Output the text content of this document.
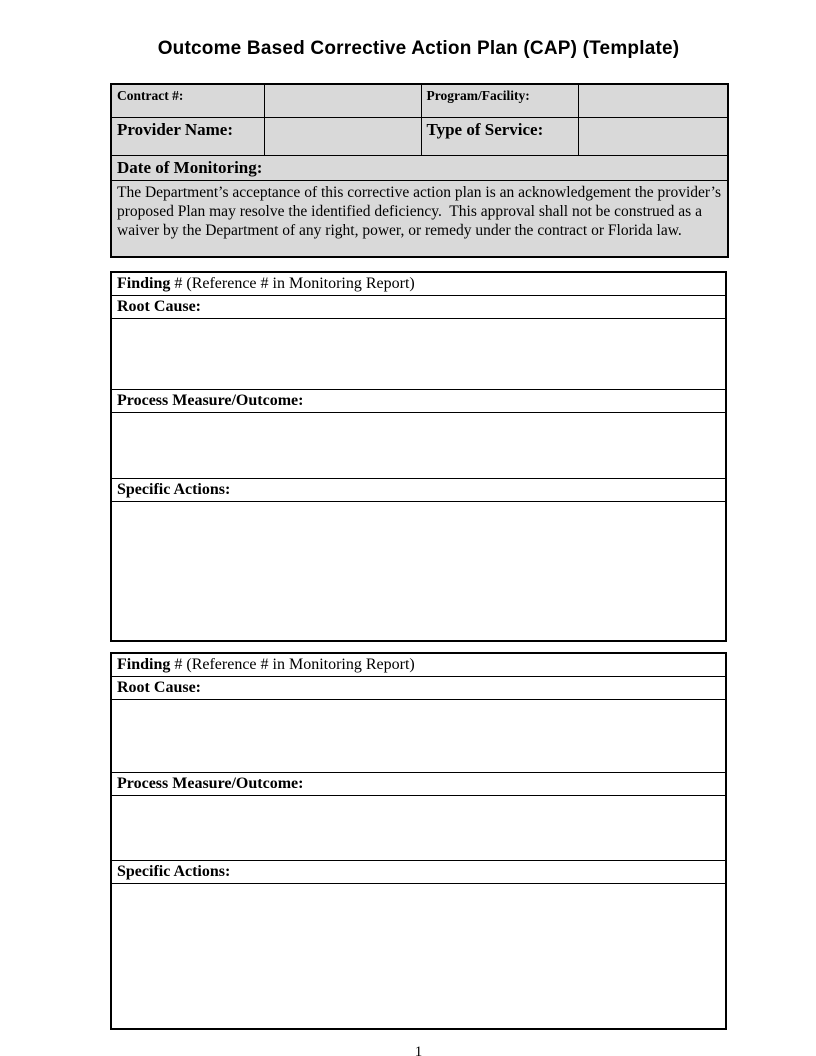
Outcome Based Corrective Action Plan (CAP) (Template)
Contract #:		Program/Facility:	
Provider Name:		Type of Service:	
Date of Monitoring:			
The Department’s acceptance of this corrective action plan is an acknowledgement the provider’s proposed Plan may resolve the identified deficiency.  This approval shall not be construed as a waiver by the Department of any right, power, or remedy under the contract or Florida law.			
Finding # (Reference # in Monitoring Report)
Root Cause:

Process Measure/Outcome:

Specific Actions:

Finding # (Reference # in Monitoring Report)
Root Cause:

Process Measure/Outcome:

Specific Actions:

1
